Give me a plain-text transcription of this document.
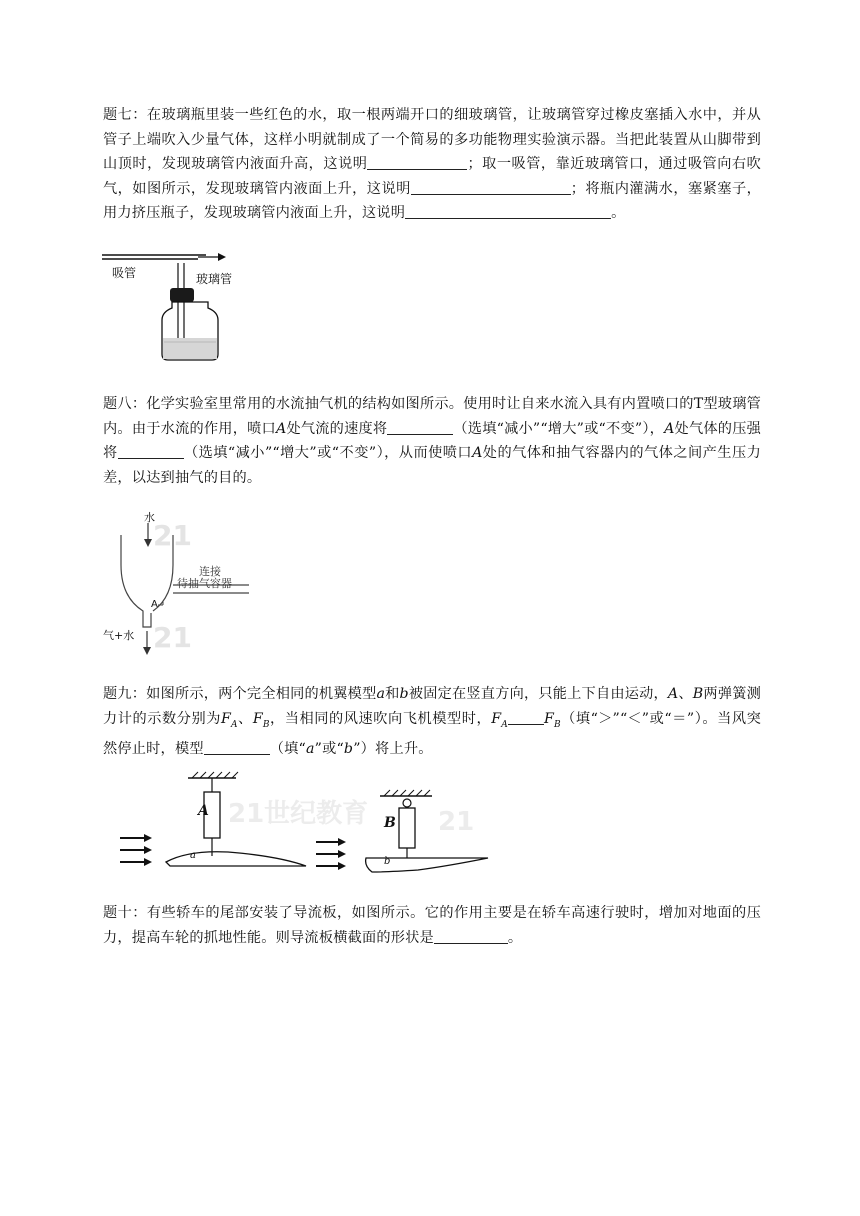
题七：在玻璃瓶里装一些红色的水，取一根两端开口的细玻璃管，让玻璃管穿过橡皮塞插入水中，并从管子上端吹入少量气体，这样小明就制成了一个简易的多功能物理实验演示器。当把此装置从山脚带到山顶时，发现玻璃管内液面升高，这说明	；取一吸管，靠近玻璃管口，通过吸管向右吹气，如图所示，发现玻璃管内液面上升，这说明	；将瓶内灌满水，塞紧塞子，用力挤压瓶子，发现玻璃管内液面上升，这说明	。
吸管	玻璃管
题八：化学实验室里常用的水流抽气机的结构如图所示。使用时让自来水流入具有内置喷口的T型玻璃管内。由于水流的作用，喷口A处气流的速度将	（选填“减小”“增大”或“不变”），A处气体的压强将	（选填“减小”“增大”或“不变”），从而使喷口A处的气体和抽气容器内的气体之间产生压力差，以达到抽气的目的。
21
21
水
连接
待抽气容器
A
气+水
题九：如图所示，两个完全相同的机翼模型a和b被固定在竖直方向，只能上下自由运动，A、B两弹簧测力计的示数分别为$F_A$、$F_B$，当相同的风速吹向飞机模型时，$F_A$	$F_B$（填“＞”“＜”或“＝”）。当风突然停止时，模型	（填“a”或“b”）将上升。
21世纪教育	21
A
B
a
b
题十：有些轿车的尾部安装了导流板，如图所示。它的作用主要是在轿车高速行驶时，增加对地面的压力，提高车轮的抓地性能。则导流板横截面的形状是	。
